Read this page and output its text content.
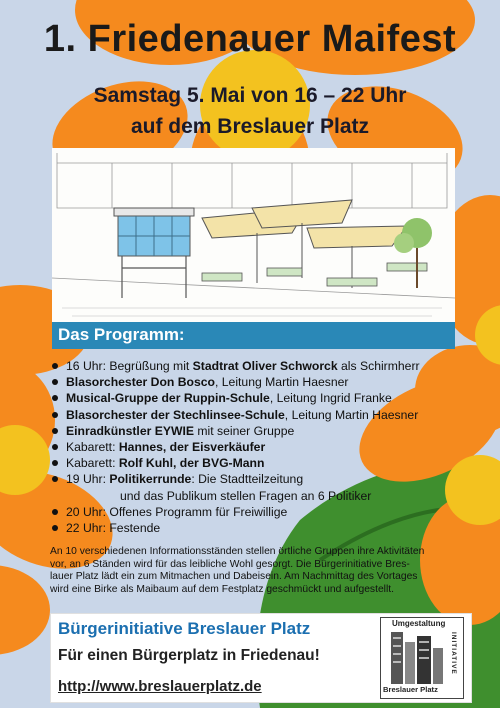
1. Friedenauer Maifest
Samstag 5. Mai von 16 – 22 Uhr
auf dem Breslauer Platz
Das Programm:
16 Uhr: Begrüßung mit Stadtrat Oliver Schworck als Schirmherr
Blasorchester Don Bosco, Leitung Martin Haesner
Musical-Gruppe der Ruppin-Schule, Leitung Ingrid Franke
Blasorchester der Stechlinsee-Schule, Leitung Martin Haesner
Einradkünstler EYWIE mit seiner Gruppe
Kabarett: Hannes, der Eisverkäufer
Kabarett: Rolf Kuhl, der BVG-Mann
19 Uhr: Politikerrunde: Die Stadtteilzeitung
und das Publikum stellen Fragen an 6 Politiker
20 Uhr: Offenes Programm für Freiwillige
22 Uhr: Festende

An 10 verschiedenen Informationsständen stellen örtliche Gruppen ihre Aktivitäten
vor, an 6 Ständen wird für das leibliche Wohl gesorgt. Die Bürgerinitiative Bres-
lauer Platz lädt ein zum Mitmachen und Dabeisein. Am Nachmittag des Vortages
wird eine Birke als Maibaum auf dem Festplatz geschmückt und aufgestellt.

Bürgerinitiative Breslauer Platz
Für einen Bürgerplatz in Friedenau!
http://www.breslauerplatz.de
Umgestaltung
Breslauer Platz
INITIATIVE
